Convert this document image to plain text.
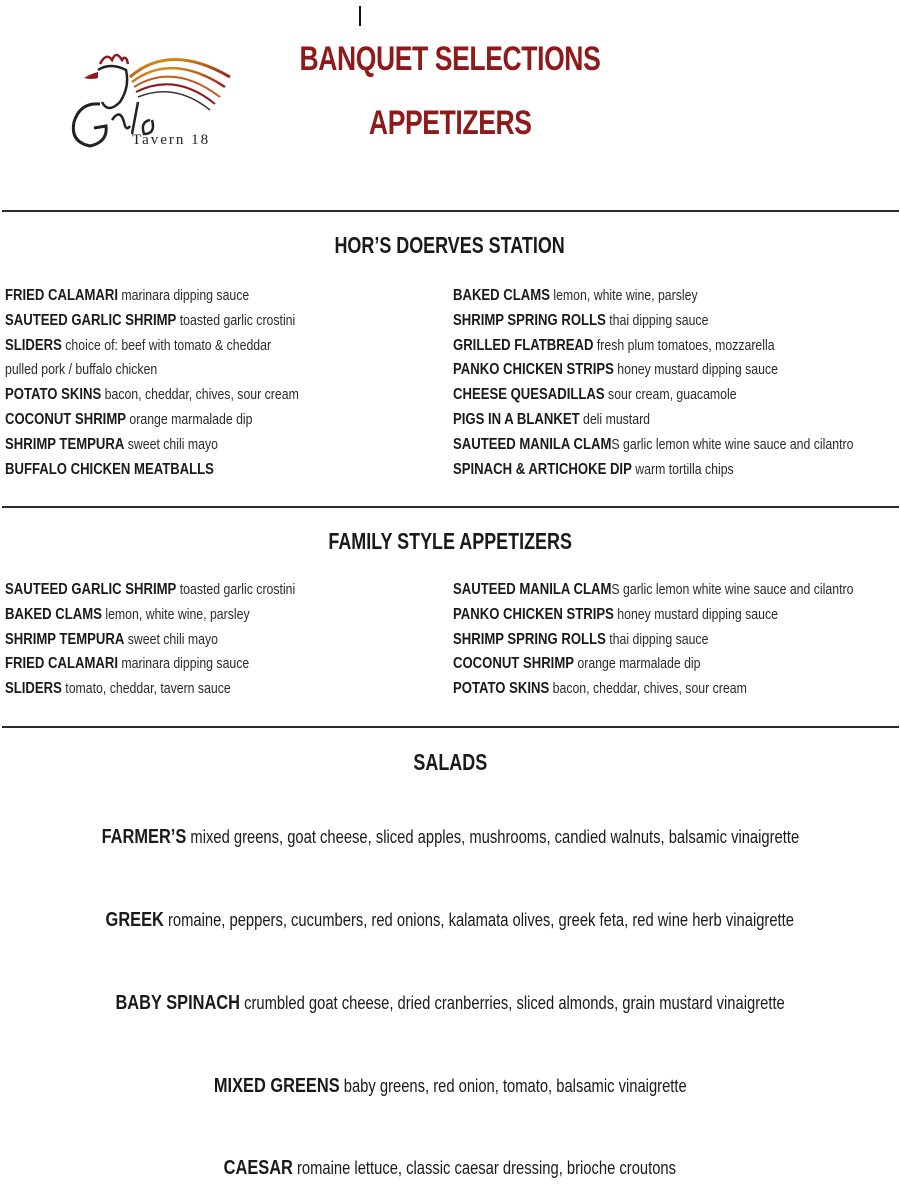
Tavern 18
BANQUET SELECTIONS
APPETIZERS
HOR’S DOERVES STATION
FRIED CALAMARI marinara dipping sauce
SAUTEED GARLIC SHRIMP toasted garlic crostini
SLIDERS choice of: beef with tomato & cheddar
pulled pork / buffalo chicken
POTATO SKINS bacon, cheddar, chives, sour cream
COCONUT SHRIMP orange marmalade dip
SHRIMP TEMPURA sweet chili mayo
BUFFALO CHICKEN MEATBALLS
BAKED CLAMS lemon, white wine, parsley
SHRIMP SPRING ROLLS thai dipping sauce
GRILLED FLATBREAD fresh plum tomatoes, mozzarella
PANKO CHICKEN STRIPS honey mustard dipping sauce
CHEESE QUESADILLAS sour cream, guacamole
PIGS IN A BLANKET deli mustard
SAUTEED MANILA CLAMS garlic lemon white wine sauce and cilantro
SPINACH & ARTICHOKE DIP warm tortilla chips
FAMILY STYLE APPETIZERS
SAUTEED GARLIC SHRIMP toasted garlic crostini
BAKED CLAMS lemon, white wine, parsley
SHRIMP TEMPURA sweet chili mayo
FRIED CALAMARI marinara dipping sauce
SLIDERS tomato, cheddar, tavern sauce
SAUTEED MANILA CLAMS garlic lemon white wine sauce and cilantro
PANKO CHICKEN STRIPS honey mustard dipping sauce
SHRIMP SPRING ROLLS thai dipping sauce
COCONUT SHRIMP orange marmalade dip
POTATO SKINS bacon, cheddar, chives, sour cream
SALADS
FARMER’S mixed greens, goat cheese, sliced apples, mushrooms, candied walnuts, balsamic vinaigrette
GREEK romaine, peppers, cucumbers, red onions, kalamata olives, greek feta, red wine herb vinaigrette
BABY SPINACH crumbled goat cheese, dried cranberries, sliced almonds, grain mustard vinaigrette
MIXED GREENS baby greens, red onion, tomato, balsamic vinaigrette
CAESAR romaine lettuce, classic caesar dressing, brioche croutons
